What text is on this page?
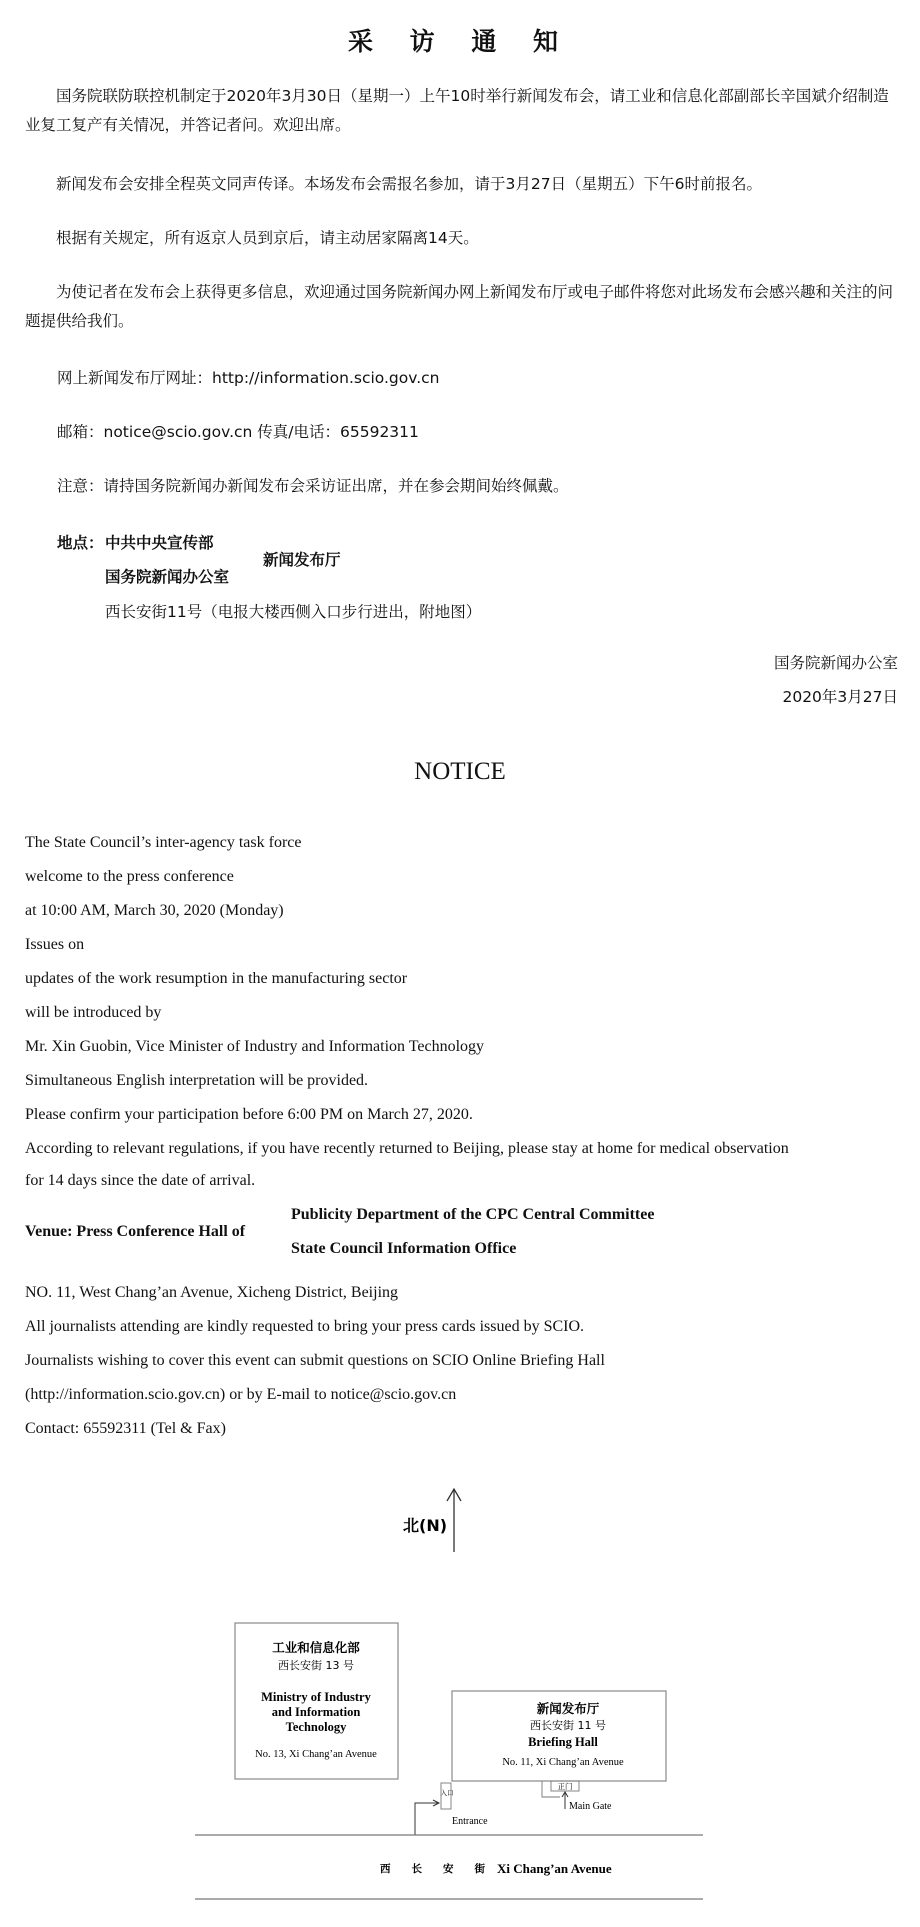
采 访 通 知
国务院联防联控机制定于2020年3月30日（星期一）上午10时举行新闻发布会，请工业和信息化部副部长辛国斌介绍制造业复工复产有关情况，并答记者问。欢迎出席。
新闻发布会安排全程英文同声传译。本场发布会需报名参加，请于3月27日（星期五）下午6时前报名。
根据有关规定，所有返京人员到京后，请主动居家隔离14天。
为使记者在发布会上获得更多信息，欢迎通过国务院新闻办网上新闻发布厅或电子邮件将您对此场发布会感兴趣和关注的问题提供给我们。
网上新闻发布厅网址：http://information.scio.gov.cn
邮箱：notice@scio.gov.cn 传真/电话：65592311
注意：请持国务院新闻办新闻发布会采访证出席，并在参会期间始终佩戴。
地点： 中共中央宣传部
国务院新闻办公室
新闻发布厅
西长安街11号（电报大楼西侧入口步行进出，附地图）
国务院新闻办公室
2020年3月27日
NOTICE
The State Council’s inter-agency task force
welcome to the press conference
at 10:00 AM, March 30, 2020 (Monday)
Issues on
updates of the work resumption in the manufacturing sector
will be introduced by
Mr. Xin Guobin, Vice Minister of Industry and Information Technology
Simultaneous English interpretation will be provided.
Please confirm your participation before 6:00 PM on March 27, 2020.
According to relevant regulations, if you have recently returned to Beijing, please stay at home for medical observation
for 14 days since the date of arrival.
Venue: Press Conference Hall of
Publicity Department of the CPC Central Committee
State Council Information Office
NO. 11, West Chang’an Avenue, Xicheng District, Beijing
All journalists attending are kindly requested to bring your press cards issued by SCIO.
Journalists wishing to cover this event can submit questions on SCIO Online Briefing Hall
(http://information.scio.gov.cn) or by E-mail to notice@scio.gov.cn
Contact: 65592311 (Tel & Fax)
北(N)
工业和信息化部
西长安街 13 号
Ministry of Industry
and Information
Technology
No. 13, Xi Chang’an Avenue
新闻发布厅
西长安街 11 号
Briefing Hall
No. 11, Xi Chang’an Avenue
正门
Main Gate
入口
Entrance
西　　长　　安　　街 Xi Chang’an Avenue
